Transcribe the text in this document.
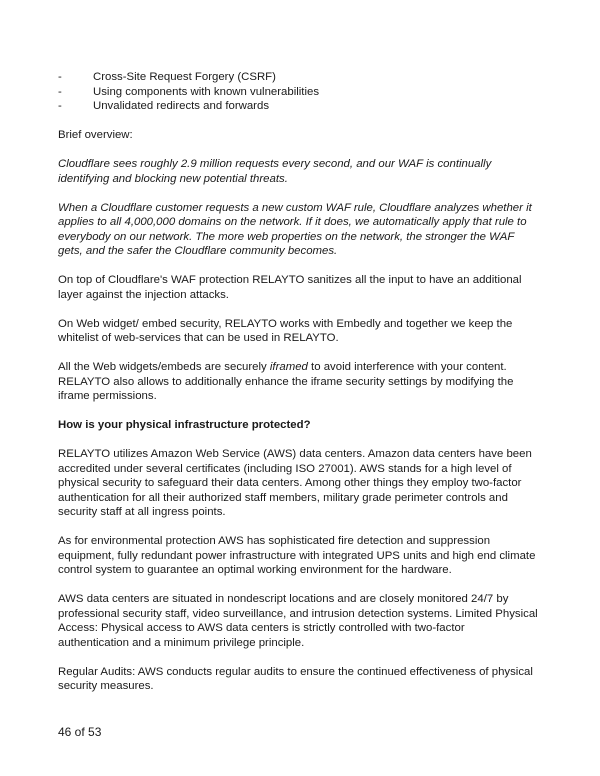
-	Cross-Site Request Forgery (CSRF)
-	Using components with known vulnerabilities
-	Unvalidated redirects and forwards

Brief overview:

Cloudflare sees roughly 2.9 million requests every second, and our WAF is continually identifying and blocking new potential threats.

When a Cloudflare customer requests a new custom WAF rule, Cloudflare analyzes whether it applies to all 4,000,000 domains on the network. If it does, we automatically apply that rule to everybody on our network. The more web properties on the network, the stronger the WAF gets, and the safer the Cloudflare community becomes.

On top of Cloudflare's WAF protection RELAYTO sanitizes all the input to have an additional layer against the injection attacks.

On Web widget/ embed security, RELAYTO works with Embedly and together we keep the whitelist of web-services that can be used in RELAYTO.

All the Web widgets/embeds are securely iframed to avoid interference with your content. RELAYTO also allows to additionally enhance the iframe security settings by modifying the iframe permissions.

How is your physical infrastructure protected?

RELAYTO utilizes Amazon Web Service (AWS) data centers. Amazon data centers have been accredited under several certificates (including ISO 27001). AWS stands for a high level of physical security to safeguard their data centers. Among other things they employ two-factor authentication for all their authorized staff members, military grade perimeter controls and security staff at all ingress points.

As for environmental protection AWS has sophisticated fire detection and suppression equipment, fully redundant power infrastructure with integrated UPS units and high end climate control system to guarantee an optimal working environment for the hardware.

AWS data centers are situated in nondescript locations and are closely monitored 24/7 by professional security staff, video surveillance, and intrusion detection systems. Limited Physical Access: Physical access to AWS data centers is strictly controlled with two-factor authentication and a minimum privilege principle.

Regular Audits: AWS conducts regular audits to ensure the continued effectiveness of physical security measures.

46 of 53
